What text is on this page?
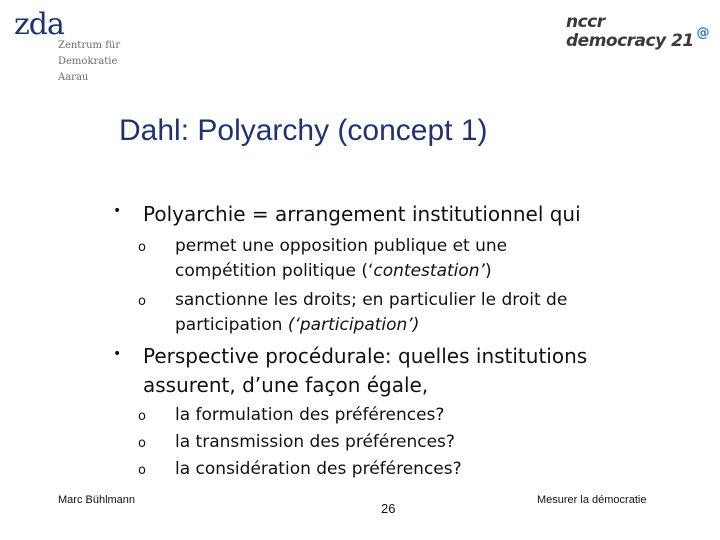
zda
Zentrum für
Demokratie
Aarau
nccr
democracy 21 @
Dahl: Polyarchy (concept 1)
• Polyarchie = arrangement institutionnel qui
o permet une opposition publique et une
compétition politique (‘contestation’)
o sanctionne les droits; en particulier le droit de
participation (‘participation’)
• Perspective procédurale: quelles institutions
assurent, d’une façon égale,
o la formulation des préférences?
o la transmission des préférences?
o la considération des préférences?
Marc Bühlmann
26
Mesurer la démocratie
